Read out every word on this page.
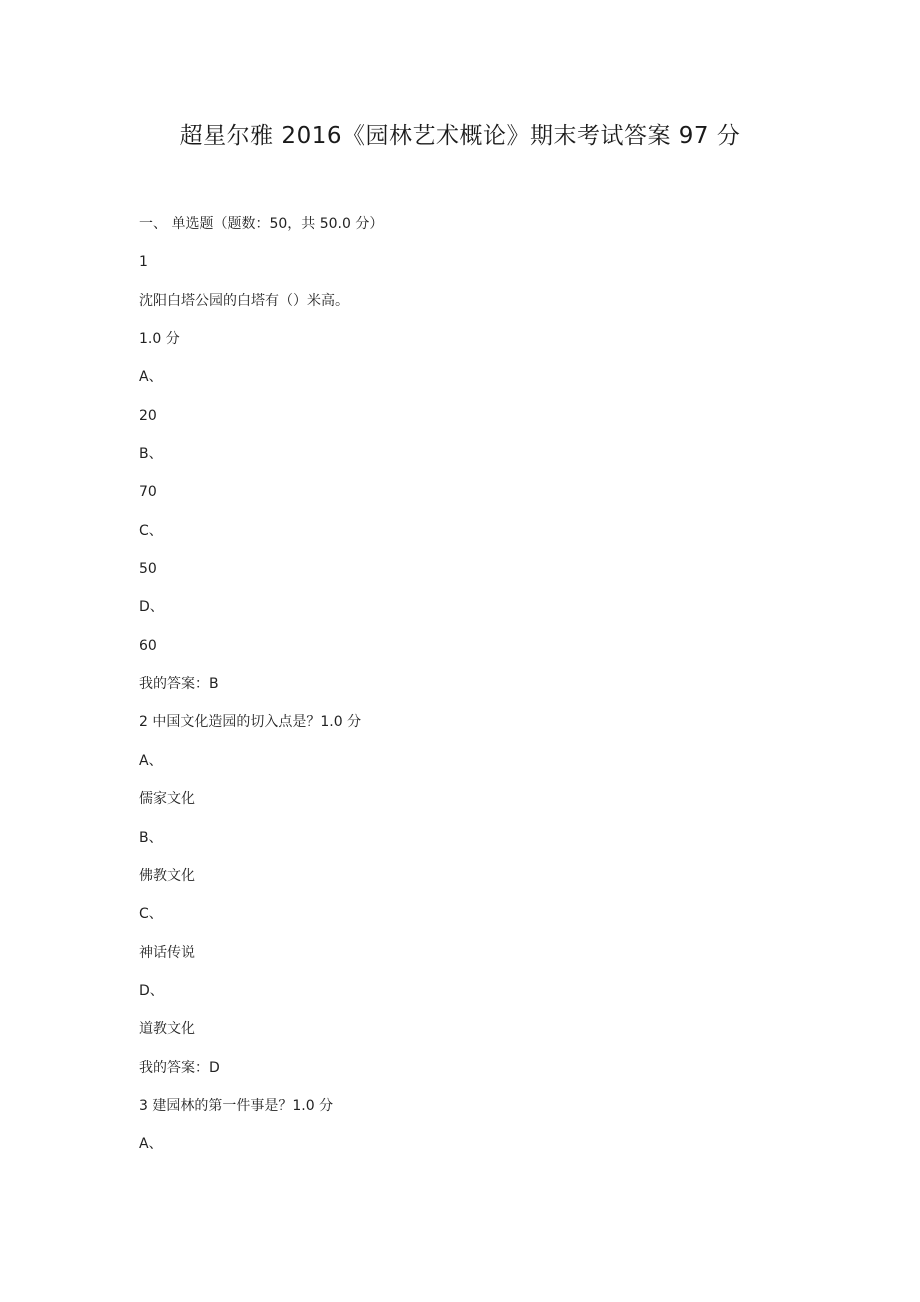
超星尔雅 2016《园林艺术概论》期末考试答案 97 分
一、 单选题（题数：50，共 50.0 分）
1
沈阳白塔公园的白塔有（）米高。
1.0 分
A、
20
B、
70
C、
50
D、
60
我的答案：B
2 中国文化造园的切入点是？1.0 分
A、
儒家文化
B、
佛教文化
C、
神话传说
D、
道教文化
我的答案：D
3 建园林的第一件事是？1.0 分
A、
